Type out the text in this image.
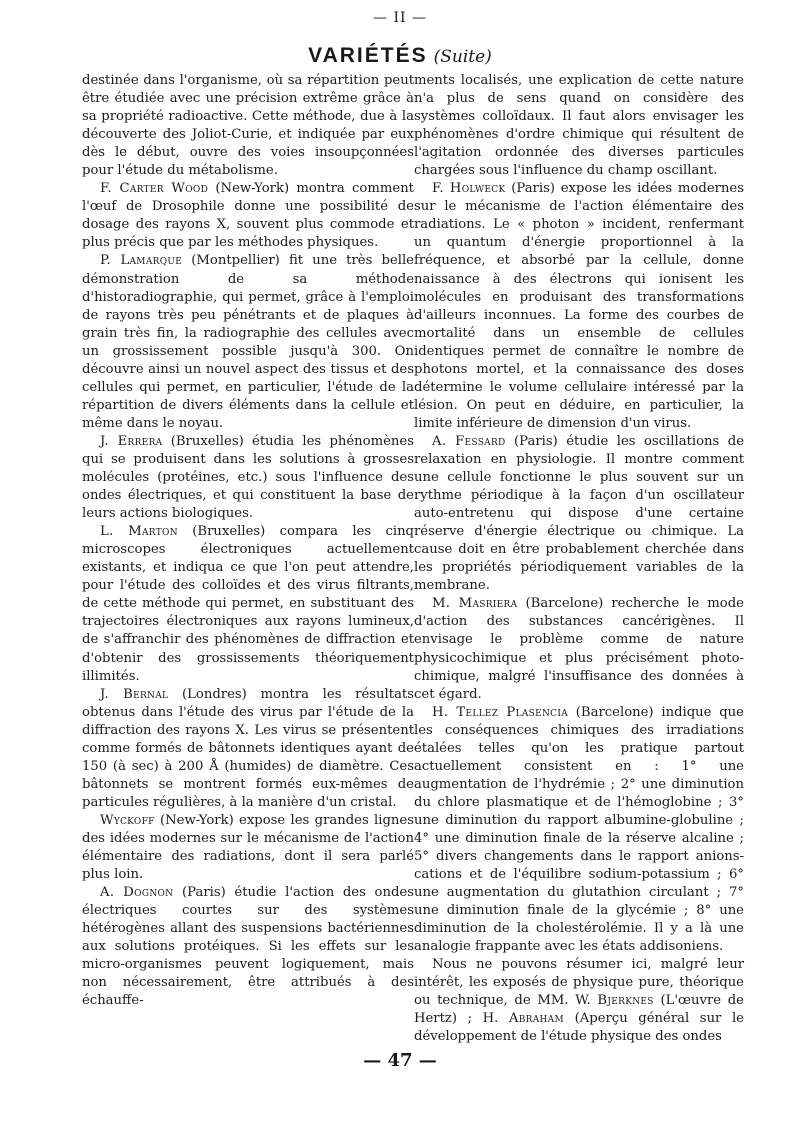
— II —
VARIÉTÉS (Suite)

destinée dans l'organisme, où sa répartition peut être étudiée avec une précision extrême grâce à sa propriété radioactive. Cette méthode, due à la découverte des Joliot-Curie, et indiquée par eux dès le début, ouvre des voies insoupçonnées pour l'étude du métabolisme.

F. Carter Wood (New-York) montra comment l'œuf de Drosophile donne une possibilité de dosage des rayons X, souvent plus commode et plus précis que par les méthodes physiques.

P. Lamarque (Montpellier) fit une très belle démonstration de sa méthode d'historadiographie, qui permet, grâce à l'emploi de rayons très peu pénétrants et de plaques à grain très fin, la radiographie des cellules avec un grossissement possible jusqu'à 300. On découvre ainsi un nouvel aspect des tissus et des cellules qui permet, en particulier, l'étude de la répartition de divers éléments dans la cellule et même dans le noyau.

J. Errera (Bruxelles) étudia les phénomènes qui se produisent dans les solutions à grosses molécules (protéines, etc.) sous l'influence des ondes électriques, et qui constituent la base de leurs actions biologiques.

L. Marton (Bruxelles) compara les cinq microscopes électroniques actuellement existants, et indiqua ce que l'on peut attendre, pour l'étude des colloïdes et des virus filtrants, de cette méthode qui permet, en substituant des trajectoires électroniques aux rayons lumineux, de s'affranchir des phénomènes de diffraction et d'obtenir des grossissements théoriquement illimités.

J. Bernal (Londres) montra les résultats obtenus dans l'étude des virus par l'étude de la diffraction des rayons X. Les virus se présentent comme formés de bâtonnets identiques ayant de 150 (à sec) à 200 Å (humides) de diamètre. Ces bâtonnets se montrent formés eux-mêmes de particules régulières, à la manière d'un cristal.

Wyckoff (New-York) expose les grandes lignes des idées modernes sur le mécanisme de l'action élémentaire des radiations, dont il sera parlé plus loin.

A. Dognon (Paris) étudie l'action des ondes électriques courtes sur des systèmes hétérogènes allant des suspensions bactériennes aux solutions protéiques. Si les effets sur les micro-organismes peuvent logiquement, mais non nécessairement, être attribués à des échauffe-

ments localisés, une explication de cette nature n'a plus de sens quand on considère des systèmes colloïdaux. Il faut alors envisager les phénomènes d'ordre chimique qui résultent de l'agitation ordonnée des diverses particules chargées sous l'influence du champ oscillant.

F. Holweck (Paris) expose les idées modernes sur le mécanisme de l'action élémentaire des radiations. Le « photon » incident, renfermant un quantum d'énergie proportionnel à la fréquence, et absorbé par la cellule, donne naissance à des électrons qui ionisent les molécules en produisant des transformations d'ailleurs inconnues. La forme des courbes de mortalité dans un ensemble de cellules identiques permet de connaître le nombre de photons mortel, et la connaissance des doses détermine le volume cellulaire intéressé par la lésion. On peut en déduire, en particulier, la limite inférieure de dimension d'un virus.

A. Fessard (Paris) étudie les oscillations de relaxation en physiologie. Il montre comment une cellule fonctionne le plus souvent sur un rythme périodique à la façon d'un oscillateur auto-entretenu qui dispose d'une certaine réserve d'énergie électrique ou chimique. La cause doit en être probablement cherchée dans les propriétés périodiquement variables de la membrane.

M. Masriera (Barcelone) recherche le mode d'action des substances cancérigènes. Il envisage le problème comme de nature physicochimique et plus précisément photo-chimique, malgré l'insuffisance des données à cet égard.

H. Tellez Plasencia (Barcelone) indique que les conséquences chimiques des irradiations étalées telles qu'on les pratique partout actuellement consistent en : 1° une augmentation de l'hydrémie ; 2° une diminution du chlore plasmatique et de l'hémoglobine ; 3° une diminution du rapport albumine-globuline ; 4° une diminution finale de la réserve alcaline ; 5° divers changements dans le rapport anions-cations et de l'équilibre sodium-potassium ; 6° une augmentation du glutathion circulant ; 7° une diminution finale de la glycémie ; 8° une diminution de la cholestérolémie. Il y a là une analogie frappante avec les états addisoniens.

Nous ne pouvons résumer ici, malgré leur intérêt, les exposés de physique pure, théorique ou technique, de MM. W. Bjerknes (L'œuvre de Hertz) ; H. Abraham (Aperçu général sur le développement de l'étude physique des ondes

— 47 —
